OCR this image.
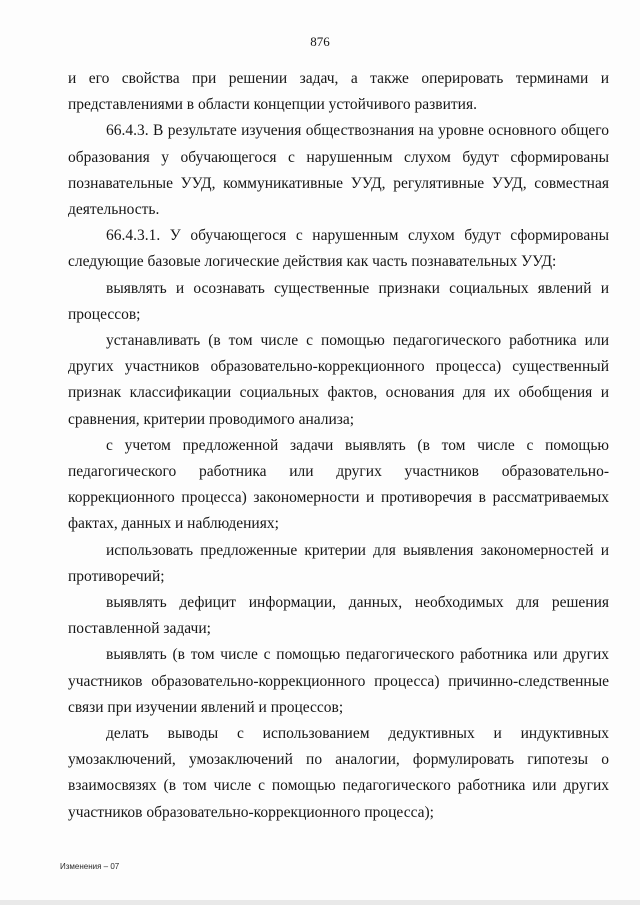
876

и его свойства при решении задач, а также оперировать терминами и представлениями в области концепции устойчивого развития.

66.4.3. В результате изучения обществознания на уровне основного общего образования у обучающегося с нарушенным слухом будут сформированы познавательные УУД, коммуникативные УУД, регулятивные УУД, совместная деятельность.

66.4.3.1. У обучающегося с нарушенным слухом будут сформированы следующие базовые логические действия как часть познавательных УУД:

выявлять и осознавать существенные признаки социальных явлений и процессов;

устанавливать (в том числе с помощью педагогического работника или других участников образовательно-коррекционного процесса) существенный признак классификации социальных фактов, основания для их обобщения и сравнения, критерии проводимого анализа;

с учетом предложенной задачи выявлять (в том числе с помощью педагогического работника или других участников образовательно-коррекционного процесса) закономерности и противоречия в рассматриваемых фактах, данных и наблюдениях;

использовать предложенные критерии для выявления закономерностей и противоречий;

выявлять дефицит информации, данных, необходимых для решения поставленной задачи;

выявлять (в том числе с помощью педагогического работника или других участников образовательно-коррекционного процесса) причинно-следственные связи при изучении явлений и процессов;

делать выводы с использованием дедуктивных и индуктивных умозаключений, умозаключений по аналогии, формулировать гипотезы о взаимосвязях (в том числе с помощью педагогического работника или других участников образовательно-коррекционного процесса);

Изменения – 07
